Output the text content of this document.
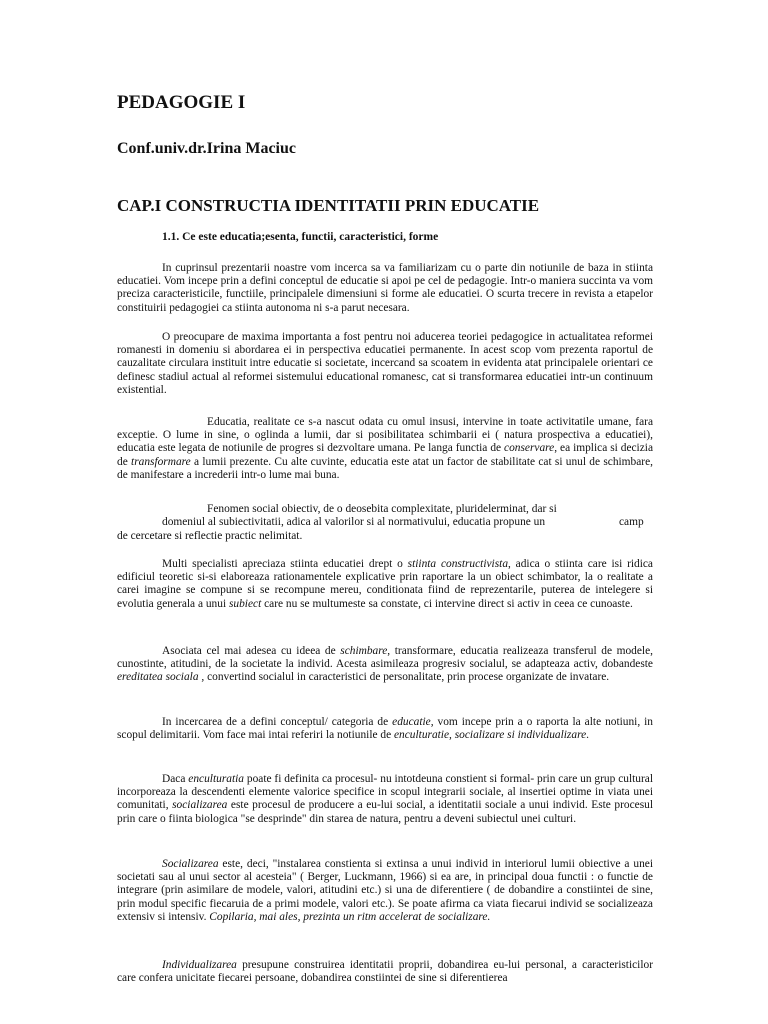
PEDAGOGIE I
Conf.univ.dr.Irina Maciuc
CAP.I CONSTRUCTIA IDENTITATII PRIN EDUCATIE
1.1. Ce este educatia;esenta, functii, caracteristici, forme

In cuprinsul prezentarii noastre vom incerca sa va familiarizam cu o parte din notiunile de baza in stiinta educatiei. Vom incepe prin a defini conceptul de educatie si apoi pe cel de pedagogie. Intr-o maniera succinta va vom preciza caracteristicile, functiile, principalele dimensiuni si forme ale educatiei. O scurta trecere in revista a etapelor constituirii pedagogiei ca stiinta autonoma ni s-a parut necesara.

O preocupare de maxima importanta a fost pentru noi aducerea teoriei pedagogice in actualitatea reformei romanesti in domeniu si abordarea ei in perspectiva educatiei permanente. In acest scop vom prezenta raportul de cauzalitate circulara instituit intre educatie si societate, incercand sa scoatem in evidenta atat principalele orientari ce definesc stadiul actual al reformei sistemului educational romanesc, cat si transformarea educatiei intr-un continuum existential.

Educatia, realitate ce s-a nascut odata cu omul insusi, intervine in toate activitatile umane, fara exceptie. O lume in sine, o oglinda a lumii, dar si posibilitatea schimbarii ei ( natura prospectiva a educatiei), educatia este legata de notiunile de progres si dezvoltare umana. Pe langa functia de conservare, ea implica si decizia de transformare a lumii prezente. Cu alte cuvinte, educatia este atat un factor de stabilitate cat si unul de schimbare, de manifestare a increderii intr-o lume mai buna.

Fenomen social obiectiv, de o deosebita complexitate, pluridelerminat, dar si

domeniul al subiectivitatii, adica al valorilor si al normativului, educatia propune un	camp

de cercetare si reflectie practic nelimitat.

Multi specialisti apreciaza stiinta educatiei drept o stiinta constructivista, adica o stiinta care isi ridica edificiul teoretic si-si elaboreaza rationamentele explicative prin raportare la un obiect schimbator, la o realitate a carei imagine se compune si se recompune mereu, conditionata fiind de reprezentarile, puterea de intelegere si evolutia generala a unui subiect care nu se multumeste sa constate, ci intervine direct si activ in ceea ce cunoaste.

Asociata cel mai adesea cu ideea de schimbare, transformare, educatia realizeaza transferul de modele, cunostinte, atitudini, de la societate la individ. Acesta asimileaza progresiv socialul, se adapteaza activ, dobandeste ereditatea sociala , convertind socialul in caracteristici de personalitate, prin procese organizate de invatare.

In incercarea de a defini conceptul/ categoria de educatie, vom incepe prin a o raporta la alte notiuni, in scopul delimitarii. Vom face mai intai referiri la notiunile de enculturatie, socializare si individualizare.

Daca enculturatia poate fi definita ca procesul- nu intotdeuna constient si formal- prin care un grup cultural incorporeaza la descendenti elemente valorice specifice in scopul integrarii sociale, al insertiei optime in viata unei comunitati, socializarea este procesul de producere a eu-lui social, a identitatii sociale a unui individ. Este procesul prin care o fiinta biologica "se desprinde" din starea de natura, pentru a deveni subiectul unei culturi.

Socializarea este, deci, "instalarea constienta si extinsa a unui individ in interiorul lumii obiective a unei societati sau al unui sector al acesteia" ( Berger, Luckmann, 1966) si ea are, in principal doua functii : o functie de integrare (prin asimilare de modele, valori, atitudini etc.) si una de diferentiere ( de dobandire a constiintei de sine, prin modul specific fiecaruia de a primi modele, valori etc.). Se poate afirma ca viata fiecarui individ se socializeaza extensiv si intensiv. Copilaria, mai ales, prezinta un ritm accelerat de socializare.

Individualizarea presupune construirea identitatii proprii, dobandirea eu-lui personal, a caracteristicilor care confera unicitate fiecarei persoane, dobandirea constiintei de sine si diferentierea
